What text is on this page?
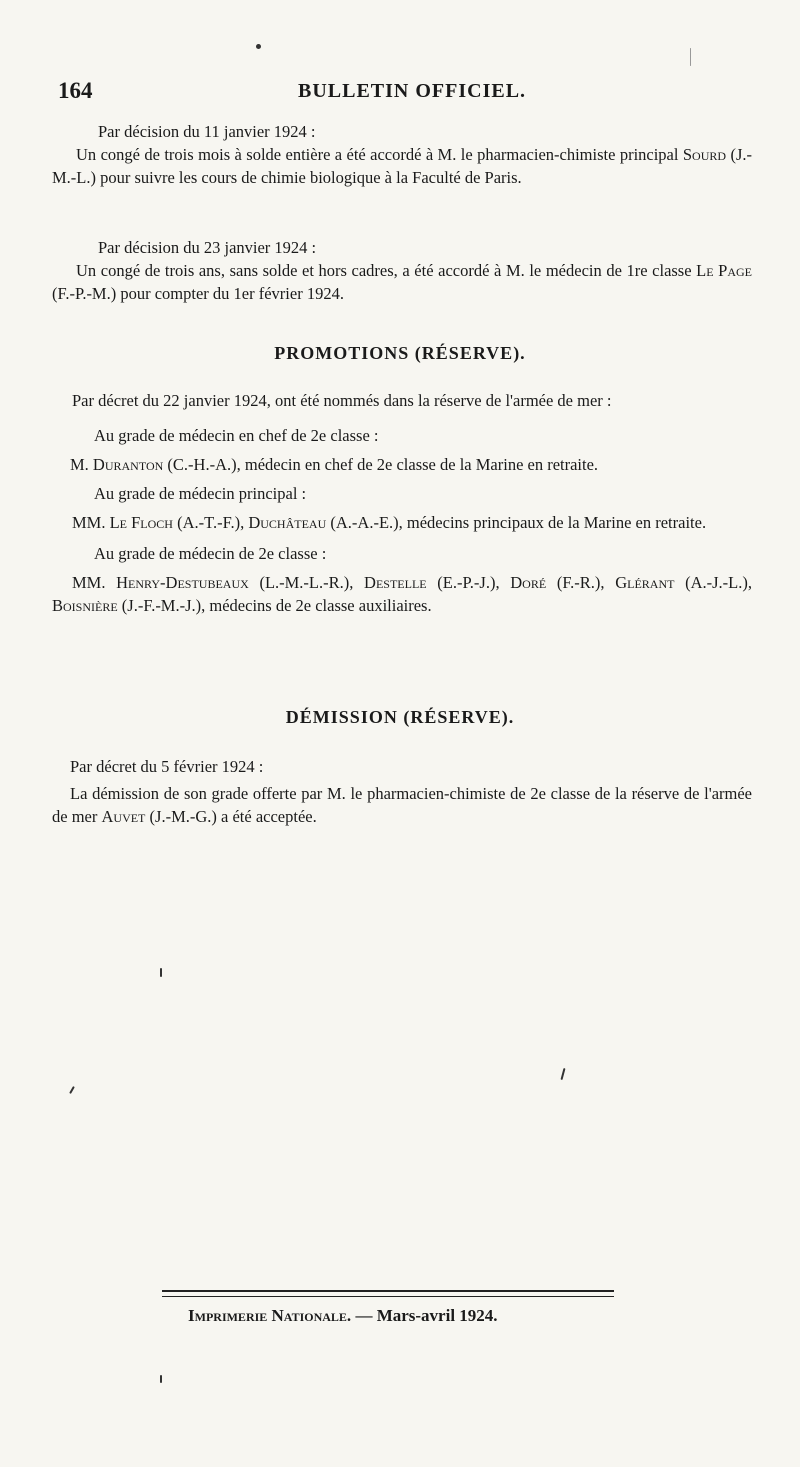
164	BULLETIN OFFICIEL.

Par décision du 11 janvier 1924 :

Un congé de trois mois à solde entière a été accordé à M. le pharmacien-chimiste principal Sourd (J.-M.-L.) pour suivre les cours de chimie biologique à la Faculté de Paris.

Par décision du 23 janvier 1924 :

Un congé de trois ans, sans solde et hors cadres, a été accordé à M. le médecin de 1re classe Le Page (F.-P.-M.) pour compter du 1er février 1924.

PROMOTIONS (RÉSERVE).

Par décret du 22 janvier 1924, ont été nommés dans la réserve de l'armée de mer :

Au grade de médecin en chef de 2e classe :

M. Duranton (C.-H.-A.), médecin en chef de 2e classe de la Marine en retraite.

Au grade de médecin principal :

MM. Le Floch (A.-T.-F.), Duchâteau (A.-A.-E.), médecins principaux de la Marine en retraite.

Au grade de médecin de 2e classe :

MM. Henry-Destubeaux (L.-M.-L.-R.), Destelle (E.-P.-J.), Doré (F.-R.), Glérant (A.-J.-L.), Boisnière (J.-F.-M.-J.), médecins de 2e classe auxiliaires.

DÉMISSION (RÉSERVE).

Par décret du 5 février 1924 :

La démission de son grade offerte par M. le pharmacien-chimiste de 2e classe de la réserve de l'armée de mer Auvet (J.-M.-G.) a été acceptée.

Imprimerie Nationale. — Mars-avril 1924.
